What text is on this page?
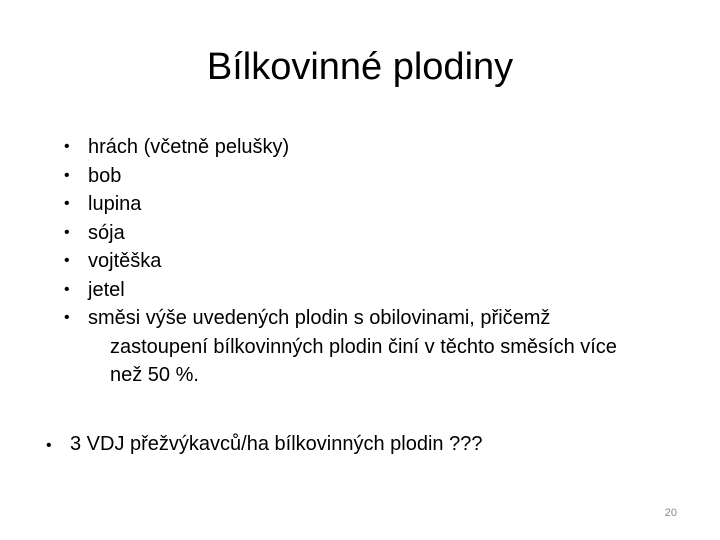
Bílkovinné plodiny
• hrách (včetně pelušky)
• bob
• lupina
• sója
• vojtěška
• jetel
• směsi výše uvedených plodin s obilovinami, přičemž
zastoupení bílkovinných plodin činí v těchto směsích více
než 50 %.
• 3 VDJ přežvýkavců/ha bílkovinných plodin ???
20
